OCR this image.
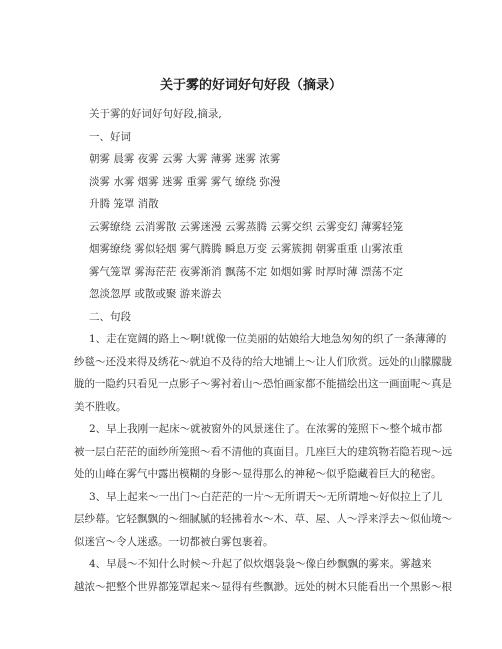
关于雾的好词好句好段（摘录）
关于雾的好词好句好段,摘录,
一、好词
朝雾 晨雾 夜雾 云雾 大雾 薄雾 迷雾 浓雾
淡雾 水雾 烟雾 迷雾 重雾 雾气 缭绕 弥漫
升腾 笼罩 消散
云雾缭绕 云消雾散 云雾迷漫 云雾蒸腾 云雾交织 云雾变幻 薄雾轻笼
烟雾缭绕 雾似轻烟 雾气腾腾 瞬息万变 云雾簇拥 朝雾重重 山雾浓重
雾气笼罩 雾海茫茫 夜雾渐消 飘荡不定 如烟如雾 时厚时薄 漂荡不定
忽淡忽厚 或散或聚 游来游去
二、句段
1、走在宽阔的路上～啊!就像一位美丽的姑娘给大地急匆匆的织了一条薄薄的
纱毯～还没来得及绣花～就迫不及待的给大地铺上～让人们欣赏。远处的山朦朦胧
胧的一隐约只看见一点影子～雾衬着山～恐怕画家都不能描绘出这一画面呢～真是
美不胜收。
2、早上我刚一起床～就被窗外的风景迷住了。在浓雾的笼照下～整个城市都
被一层白茫茫的面纱所笼照～看不清他的真面目。几座巨大的建筑物若隐若现～远
处的山峰在雾气中露出模糊的身影～显得那么的神秘～似乎隐藏着巨大的秘密。
3、早上起来～一出门～白茫茫的一片～无所谓天～无所谓地～好似拉上了儿
层纱幕。它轻飘飘的～细腻腻的轻拂着水～木、草、屋、人～浮来浮去～似仙境～
似迷宫～令人迷惑。一切都被白雾包裹着。
4、早晨～不知什么时候～升起了似炊烟袅袅～像白纱飘飘的雾来。雾越来
越浓～把整个世界都笼罩起来～显得有些飘渺。远处的树木只能看出一个黑影～根
